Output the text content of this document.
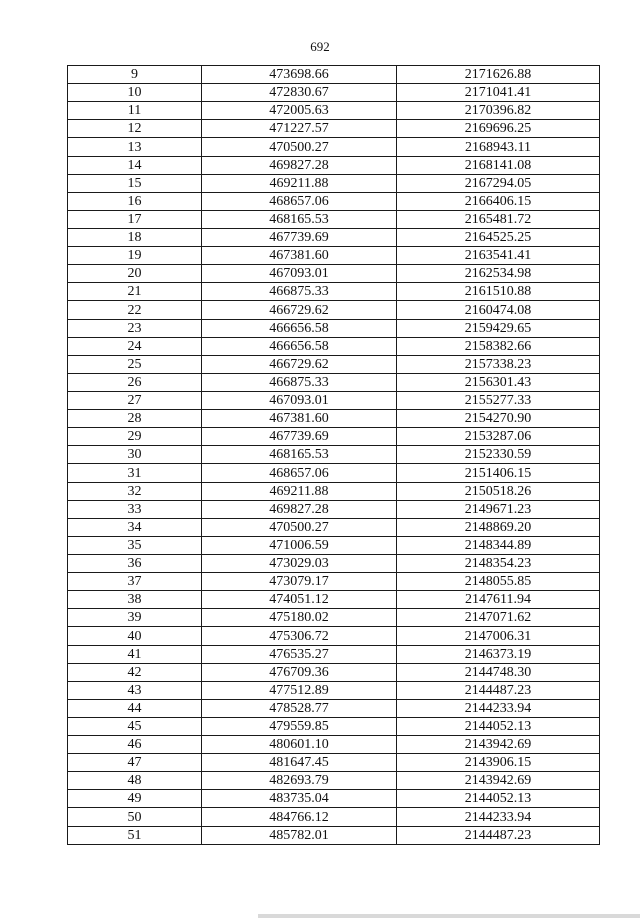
692
9	473698.66	2171626.88
10	472830.67	2171041.41
11	472005.63	2170396.82
12	471227.57	2169696.25
13	470500.27	2168943.11
14	469827.28	2168141.08
15	469211.88	2167294.05
16	468657.06	2166406.15
17	468165.53	2165481.72
18	467739.69	2164525.25
19	467381.60	2163541.41
20	467093.01	2162534.98
21	466875.33	2161510.88
22	466729.62	2160474.08
23	466656.58	2159429.65
24	466656.58	2158382.66
25	466729.62	2157338.23
26	466875.33	2156301.43
27	467093.01	2155277.33
28	467381.60	2154270.90
29	467739.69	2153287.06
30	468165.53	2152330.59
31	468657.06	2151406.15
32	469211.88	2150518.26
33	469827.28	2149671.23
34	470500.27	2148869.20
35	471006.59	2148344.89
36	473029.03	2148354.23
37	473079.17	2148055.85
38	474051.12	2147611.94
39	475180.02	2147071.62
40	475306.72	2147006.31
41	476535.27	2146373.19
42	476709.36	2144748.30
43	477512.89	2144487.23
44	478528.77	2144233.94
45	479559.85	2144052.13
46	480601.10	2143942.69
47	481647.45	2143906.15
48	482693.79	2143942.69
49	483735.04	2144052.13
50	484766.12	2144233.94
51	485782.01	2144487.23
